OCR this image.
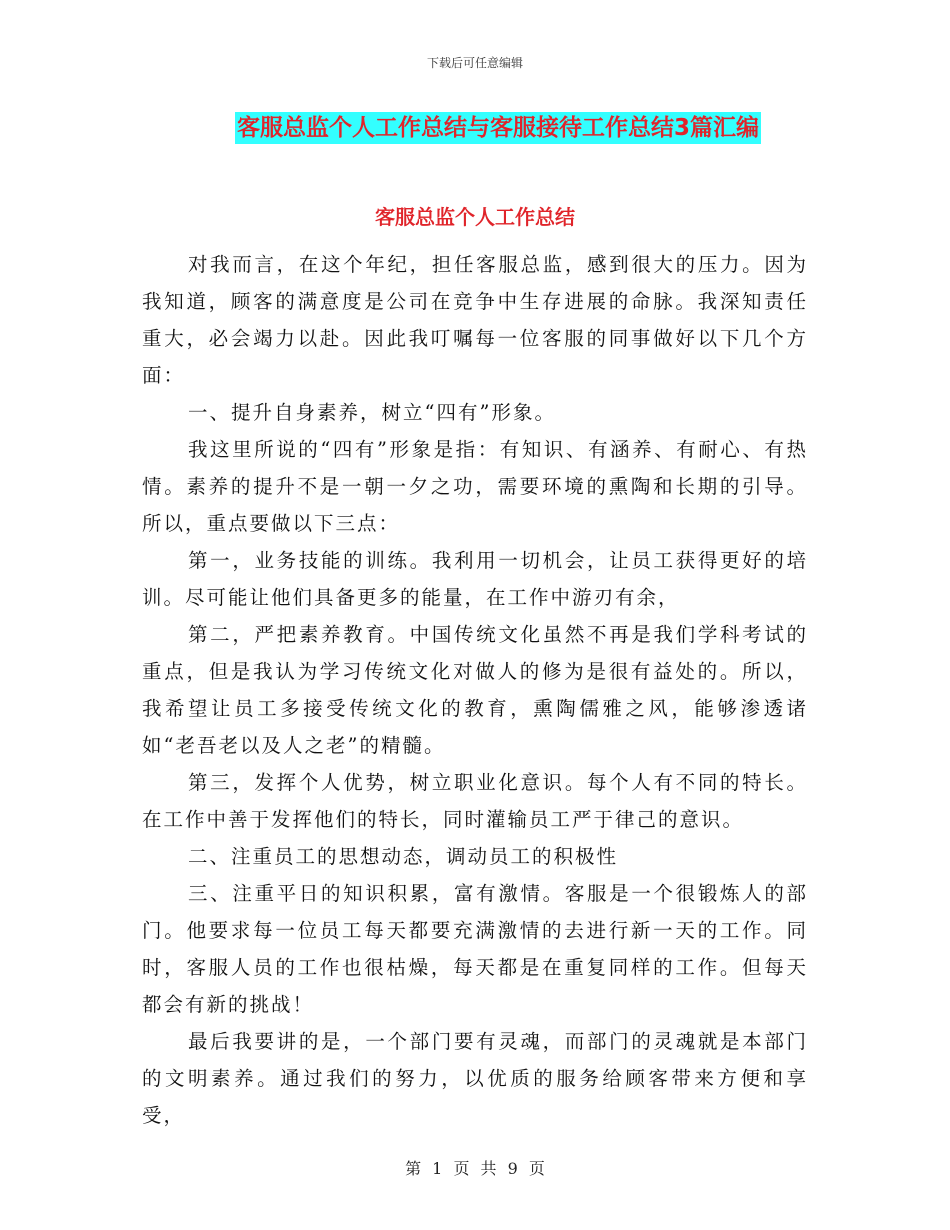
下载后可任意编辑
客服总监个人工作总结与客服接待工作总结3篇汇编
客服总监个人工作总结

对我而言，在这个年纪，担任客服总监，感到很大的压力。因为我知道，顾客的满意度是公司在竞争中生存进展的命脉。我深知责任重大，必会竭力以赴。因此我叮嘱每一位客服的同事做好以下几个方面：

一、提升自身素养，树立“四有”形象。

我这里所说的“四有”形象是指：有知识、有涵养、有耐心、有热情。素养的提升不是一朝一夕之功，需要环境的熏陶和长期的引导。所以，重点要做以下三点：

第一，业务技能的训练。我利用一切机会，让员工获得更好的培训。尽可能让他们具备更多的能量，在工作中游刃有余，

第二，严把素养教育。中国传统文化虽然不再是我们学科考试的重点，但是我认为学习传统文化对做人的修为是很有益处的。所以，我希望让员工多接受传统文化的教育，熏陶儒雅之风，能够渗透诸如“老吾老以及人之老”的精髓。

第三，发挥个人优势，树立职业化意识。每个人有不同的特长。在工作中善于发挥他们的特长，同时灌输员工严于律己的意识。

二、注重员工的思想动态，调动员工的积极性

三、注重平日的知识积累，富有激情。客服是一个很锻炼人的部门。他要求每一位员工每天都要充满激情的去进行新一天的工作。同时，客服人员的工作也很枯燥，每天都是在重复同样的工作。但每天都会有新的挑战！

最后我要讲的是，一个部门要有灵魂，而部门的灵魂就是本部门的文明素养。通过我们的努力，以优质的服务给顾客带来方便和享受，

第 1 页 共 9 页
